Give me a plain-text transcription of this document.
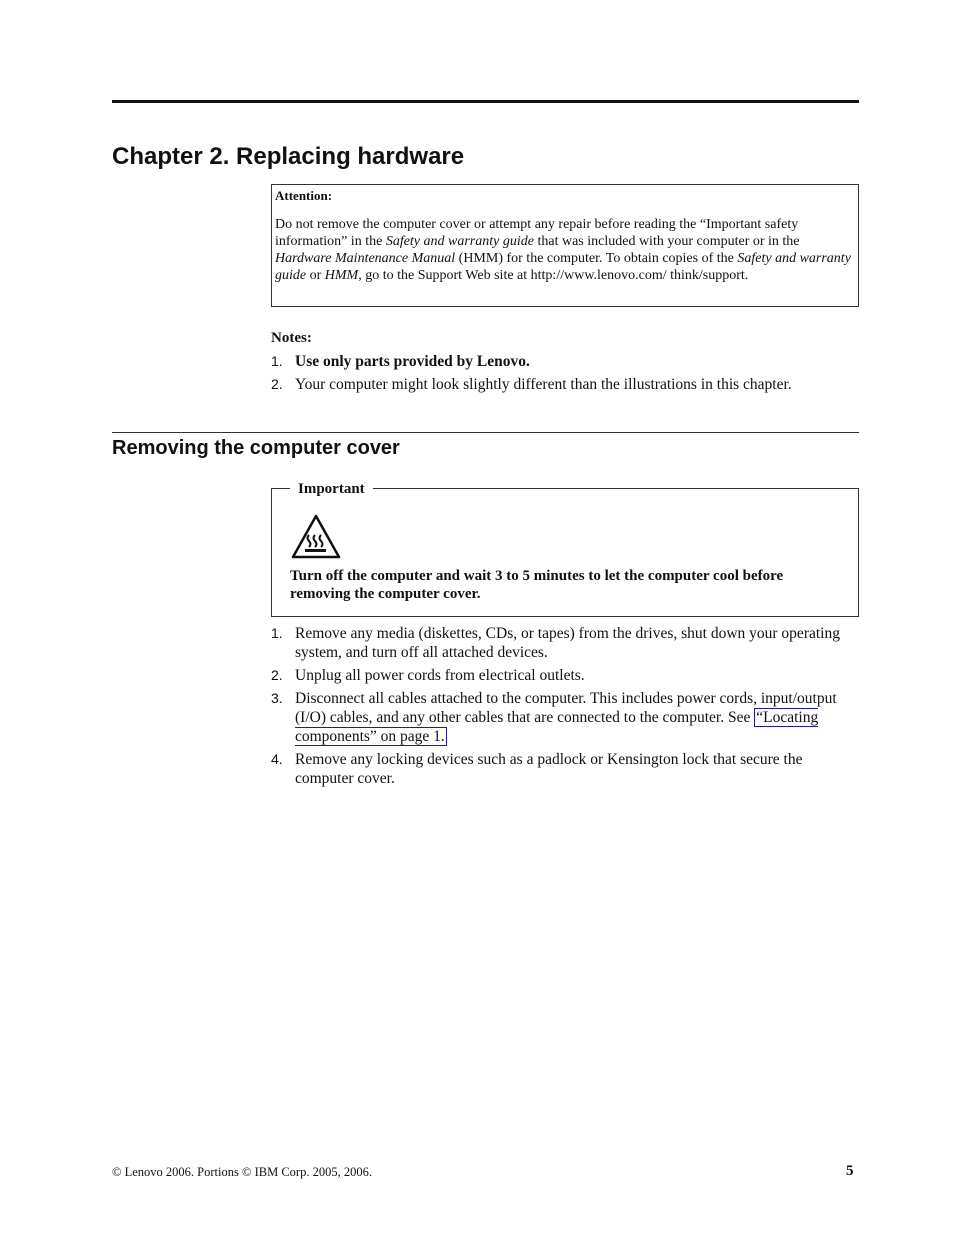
Chapter 2. Replacing hardware
Attention:
Do not remove the computer cover or attempt any repair before reading the “Important safety information” in the Safety and warranty guide that was included with your computer or in the Hardware Maintenance Manual (HMM) for the computer. To obtain copies of the Safety and warranty guide or HMM, go to the Support Web site at http://www.lenovo.com/ think/support.
Notes:
1. Use only parts provided by Lenovo.
2. Your computer might look slightly different than the illustrations in this chapter.
Removing the computer cover
Important
Turn off the computer and wait 3 to 5 minutes to let the computer cool before removing the computer cover.
1. Remove any media (diskettes, CDs, or tapes) from the drives, shut down your operating system, and turn off all attached devices.
2. Unplug all power cords from electrical outlets.
3. Disconnect all cables attached to the computer. This includes power cords, input/output (I/O) cables, and any other cables that are connected to the computer. See “Locating components” on page 1.
4. Remove any locking devices such as a padlock or Kensington lock that secure the computer cover.
© Lenovo 2006. Portions © IBM Corp. 2005, 2006.	5
